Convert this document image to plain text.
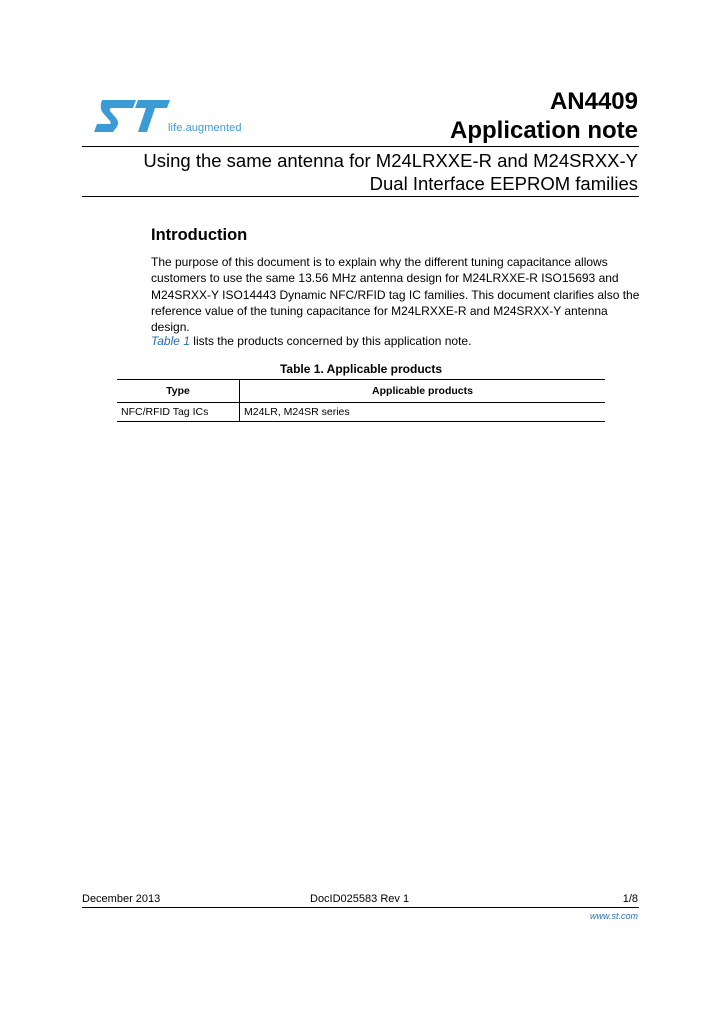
life.augmented
AN4409
Application note
Using the same antenna for M24LRXXE-R and M24SRXX-Y
Dual Interface EEPROM families
Introduction
The purpose of this document is to explain why the different tuning capacitance allows customers to use the same 13.56 MHz antenna design for M24LRXXE-R ISO15693 and M24SRXX-Y ISO14443 Dynamic NFC/RFID tag IC families. This document clarifies also the reference value of the tuning capacitance for M24LRXXE-R and M24SRXX-Y antenna design.
Table 1 lists the products concerned by this application note.
Table 1. Applicable products
Type	Applicable products
NFC/RFID Tag ICs	M24LR, M24SR series
December 2013	DocID025583 Rev 1	1/8
www.st.com
